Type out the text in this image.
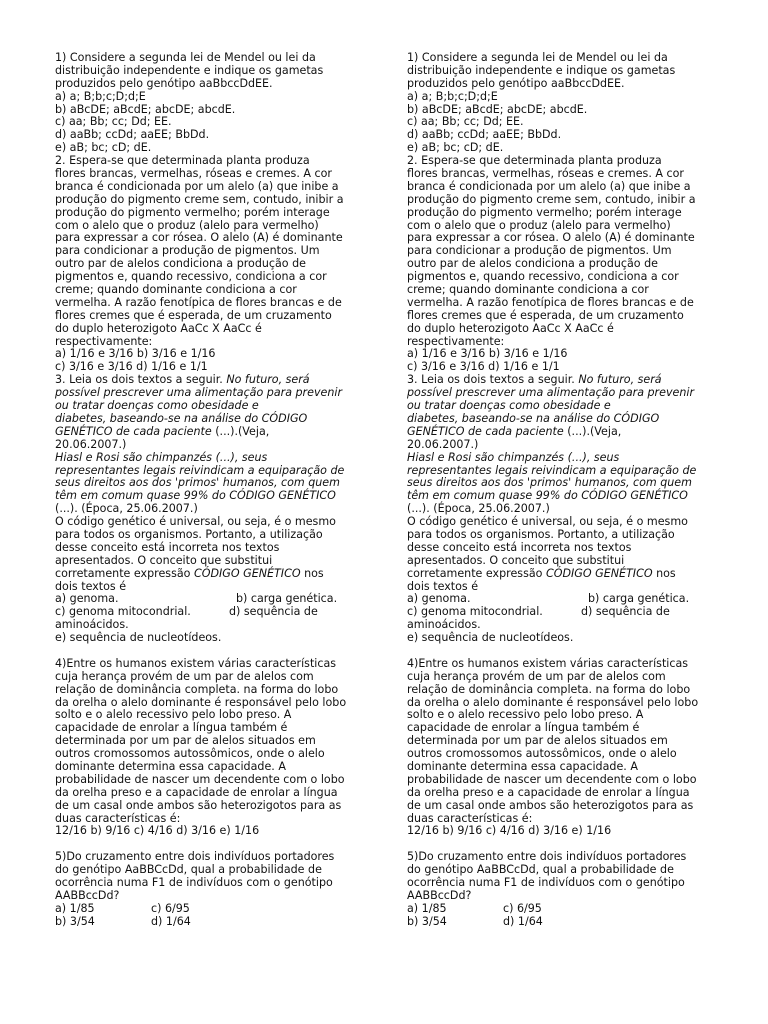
1) Considere a segunda lei de Mendel ou lei da
distribuição independente e indique os gametas
produzidos pelo genótipo aaBbccDdEE.
a) a; B;b;c;D;d;E
b) aBcDE; aBcdE; abcDE; abcdE.
c) aa; Bb; cc; Dd; EE.
d) aaBb; ccDd; aaEE; BbDd.
e) aB; bc; cD; dE.
2. Espera-se que determinada planta produza
flores brancas, vermelhas, róseas e cremes. A cor
branca é condicionada por um alelo (a) que inibe a
produção do pigmento creme sem, contudo, inibir a
produção do pigmento vermelho; porém interage
com o alelo que o produz (alelo para vermelho)
para expressar a cor rósea. O alelo (A) é dominante
para condicionar a produção de pigmentos. Um
outro par de alelos condiciona a produção de
pigmentos e, quando recessivo, condiciona a cor
creme; quando dominante condiciona a cor
vermelha. A razão fenotípica de flores brancas e de
flores cremes que é esperada, de um cruzamento
do duplo heterozigoto AaCc X AaCc é
respectivamente:
a) 1/16 e 3/16 b) 3/16 e 1/16
c) 3/16 e 3/16 d) 1/16 e 1/1
3. Leia os dois textos a seguir. No futuro, será
possível prescrever uma alimentação para prevenir
ou tratar doenças como obesidade e
diabetes, baseando-se na análise do CÓDIGO
GENÉTICO de cada paciente (...).(Veja,
20.06.2007.)
Hiasl e Rosi são chimpanzés (...), seus
representantes legais reivindicam a equiparação de
seus direitos aos dos 'primos' humanos, com quem
têm em comum quase 99% do CÓDIGO GENÉTICO
(...). (Época, 25.06.2007.)
O código genético é universal, ou seja, é o mesmo
para todos os organismos. Portanto, a utilização
desse conceito está incorreta nos textos
apresentados. O conceito que substitui
corretamente expressão CÓDIGO GENÉTICO nos
dois textos é
a) genoma.	b) carga genética.
c) genoma mitocondrial.	d) sequência de
aminoácidos.
e) sequência de nucleotídeos.
4)Entre os humanos existem várias características
cuja herança provém de um par de alelos com
relação de dominância completa. na forma do lobo
da orelha o alelo dominante é responsável pelo lobo
solto e o alelo recessivo pelo lobo preso. A
capacidade de enrolar a língua também é
determinada por um par de alelos situados em
outros cromossomos autossômicos, onde o alelo
dominante determina essa capacidade. A
probabilidade de nascer um decendente com o lobo
da orelha preso e a capacidade de enrolar a língua
de um casal onde ambos são heterozigotos para as
duas características é:
12/16 b) 9/16 c) 4/16 d) 3/16 e) 1/16
5)Do cruzamento entre dois indivíduos portadores
do genótipo AaBBCcDd, qual a probabilidade de
ocorrência numa F1 de indivíduos com o genótipo
AABBccDd?
a) 1/85	c) 6/95
b) 3/54	d) 1/64
1) Considere a segunda lei de Mendel ou lei da
distribuição independente e indique os gametas
produzidos pelo genótipo aaBbccDdEE.
a) a; B;b;c;D;d;E
b) aBcDE; aBcdE; abcDE; abcdE.
c) aa; Bb; cc; Dd; EE.
d) aaBb; ccDd; aaEE; BbDd.
e) aB; bc; cD; dE.
2. Espera-se que determinada planta produza
flores brancas, vermelhas, róseas e cremes. A cor
branca é condicionada por um alelo (a) que inibe a
produção do pigmento creme sem, contudo, inibir a
produção do pigmento vermelho; porém interage
com o alelo que o produz (alelo para vermelho)
para expressar a cor rósea. O alelo (A) é dominante
para condicionar a produção de pigmentos. Um
outro par de alelos condiciona a produção de
pigmentos e, quando recessivo, condiciona a cor
creme; quando dominante condiciona a cor
vermelha. A razão fenotípica de flores brancas e de
flores cremes que é esperada, de um cruzamento
do duplo heterozigoto AaCc X AaCc é
respectivamente:
a) 1/16 e 3/16 b) 3/16 e 1/16
c) 3/16 e 3/16 d) 1/16 e 1/1
3. Leia os dois textos a seguir. No futuro, será
possível prescrever uma alimentação para prevenir
ou tratar doenças como obesidade e
diabetes, baseando-se na análise do CÓDIGO
GENÉTICO de cada paciente (...).(Veja,
20.06.2007.)
Hiasl e Rosi são chimpanzés (...), seus
representantes legais reivindicam a equiparação de
seus direitos aos dos 'primos' humanos, com quem
têm em comum quase 99% do CÓDIGO GENÉTICO
(...). (Época, 25.06.2007.)
O código genético é universal, ou seja, é o mesmo
para todos os organismos. Portanto, a utilização
desse conceito está incorreta nos textos
apresentados. O conceito que substitui
corretamente expressão CÓDIGO GENÉTICO nos
dois textos é
a) genoma.	b) carga genética.
c) genoma mitocondrial.	d) sequência de
aminoácidos.
e) sequência de nucleotídeos.
4)Entre os humanos existem várias características
cuja herança provém de um par de alelos com
relação de dominância completa. na forma do lobo
da orelha o alelo dominante é responsável pelo lobo
solto e o alelo recessivo pelo lobo preso. A
capacidade de enrolar a língua também é
determinada por um par de alelos situados em
outros cromossomos autossômicos, onde o alelo
dominante determina essa capacidade. A
probabilidade de nascer um decendente com o lobo
da orelha preso e a capacidade de enrolar a língua
de um casal onde ambos são heterozigotos para as
duas características é:
12/16 b) 9/16 c) 4/16 d) 3/16 e) 1/16
5)Do cruzamento entre dois indivíduos portadores
do genótipo AaBBCcDd, qual a probabilidade de
ocorrência numa F1 de indivíduos com o genótipo
AABBccDd?
a) 1/85	c) 6/95
b) 3/54	d) 1/64
